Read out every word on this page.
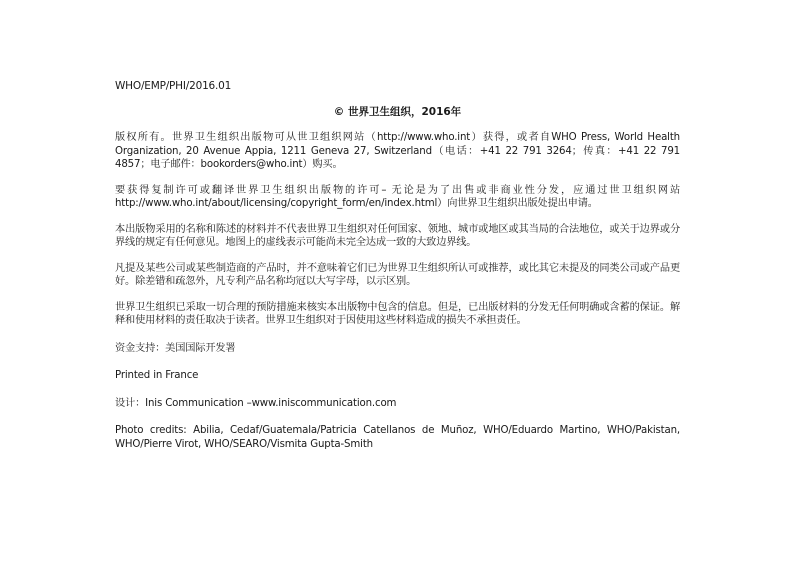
WHO/EMP/PHI/2016.01

© 世界卫生组织，2016年

版权所有。世界卫生组织出版物可从世卫组织网站（http://www.who.int）获得，或者自WHO Press, World Health Organization, 20 Avenue Appia, 1211 Geneva 27, Switzerland（电话：+41 22 791 3264；传真：+41 22 791 4857；电子邮件：bookorders@who.int）购买。

要获得复制许可或翻译世界卫生组织出版物的许可– 无论是为了出售或非商业性分发，应通过世卫组织网站 http://www.who.int/about/licensing/copyright_form/en/index.html）向世界卫生组织出版处提出申请。

本出版物采用的名称和陈述的材料并不代表世界卫生组织对任何国家、领地、城市或地区或其当局的合法地位，或关于边界或分界线的规定有任何意见。地图上的虚线表示可能尚未完全达成一致的大致边界线。

凡提及某些公司或某些制造商的产品时，并不意味着它们已为世界卫生组织所认可或推荐，或比其它未提及的同类公司或产品更好。除差错和疏忽外，凡专利产品名称均冠以大写字母，以示区别。

世界卫生组织已采取一切合理的预防措施来核实本出版物中包含的信息。但是，已出版材料的分发无任何明确或含蓄的保证。解释和使用材料的责任取决于读者。世界卫生组织对于因使用这些材料造成的损失不承担责任。

资金支持：美国国际开发署

Printed in France

设计：Inis Communication –www.iniscommunication.com

Photo credits: Abilia, Cedaf/Guatemala/Patricia Catellanos de Muñoz, WHO/Eduardo Martino, WHO/Pakistan, WHO/Pierre Virot, WHO/SEARO/Vismita Gupta-Smith
